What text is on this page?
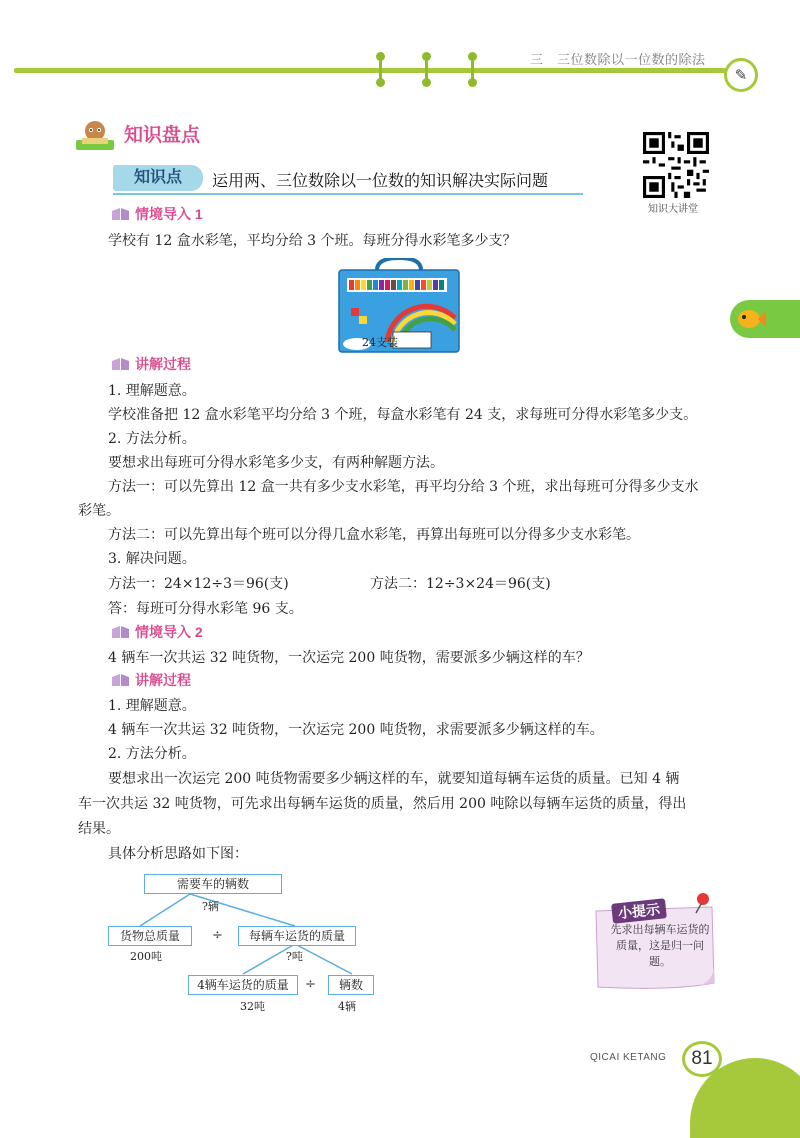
三　三位数除以一位数的除法
✎
知识盘点
知识点	运用两、三位数除以一位数的知识解决实际问题
知识大讲堂
情境导入 1
学校有 12 盒水彩笔，平均分给 3 个班。每班分得水彩笔多少支？
24支装
讲解过程
1. 理解题意。
学校准备把 12 盒水彩笔平均分给 3 个班，每盒水彩笔有 24 支，求每班可分得水彩笔多少支。
2. 方法分析。
要想求出每班可分得水彩笔多少支，有两种解题方法。
方法一：可以先算出 12 盒一共有多少支水彩笔，再平均分给 3 个班，求出每班可分得多少支水
彩笔。
方法二：可以先算出每个班可以分得几盒水彩笔，再算出每班可以分得多少支水彩笔。
3. 解决问题。
方法一：24×12÷3＝96(支)	方法二：12÷3×24＝96(支)
答：每班可分得水彩笔 96 支。
情境导入 2
4 辆车一次共运 32 吨货物，一次运完 200 吨货物，需要派多少辆这样的车？
讲解过程
1. 理解题意。
4 辆车一次共运 32 吨货物，一次运完 200 吨货物，求需要派多少辆这样的车。
2. 方法分析。
要想求出一次运完 200 吨货物需要多少辆这样的车，就要知道每辆车运货的质量。已知 4 辆
车一次共运 32 吨货物，可先求出每辆车运货的质量，然后用 200 吨除以每辆车运货的质量，得出
结果。
具体分析思路如下图：
需要车的辆数
?辆
货物总质量
200吨
÷	每辆车运货的质量
?吨
4辆车运货的质量
32吨
÷	辆数
4辆
小提示
先求出每辆车运货的质量，这是归一问题。
QICAI KETANG	81
